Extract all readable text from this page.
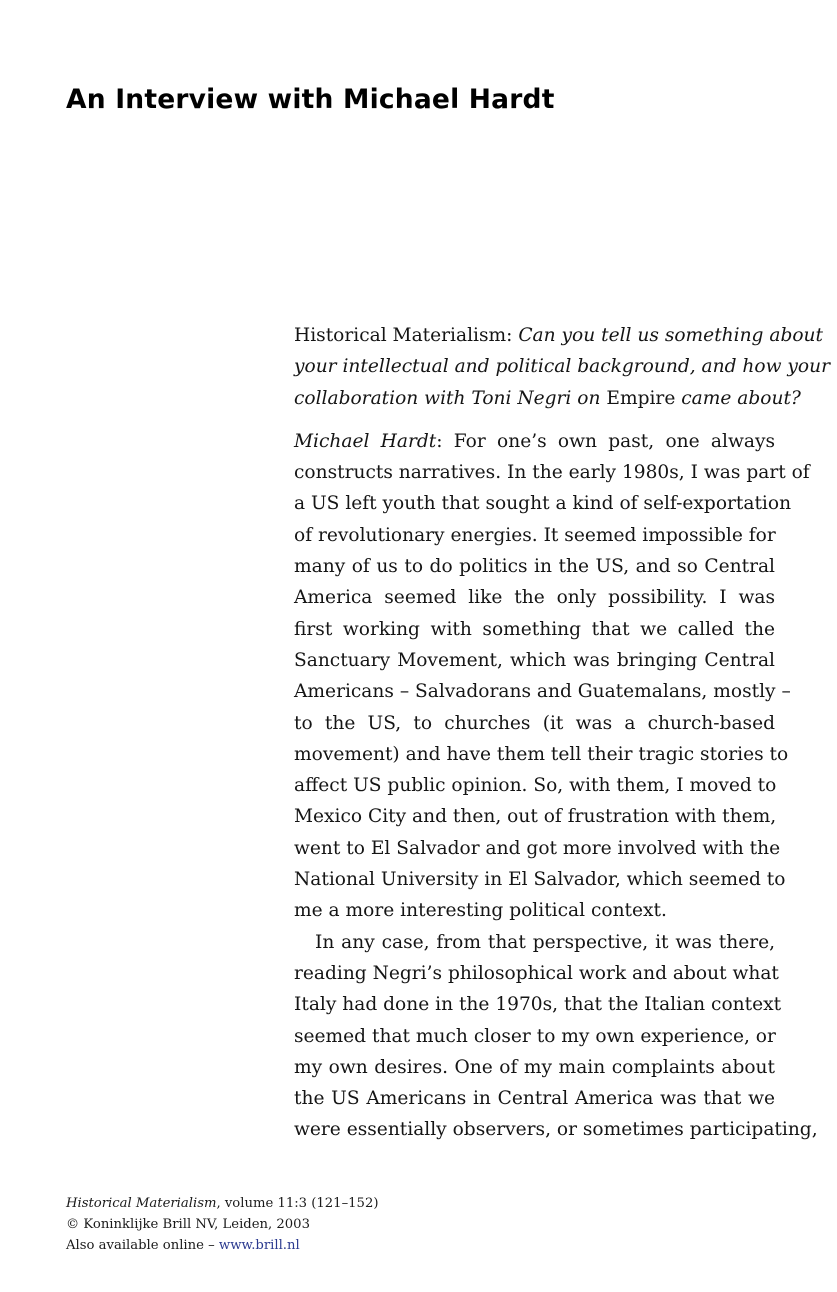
An Interview with Michael Hardt
Historical Materialism: Can you tell us something about
your intellectual and political background, and how your
collaboration with Toni Negri on Empire came about?
Michael Hardt: For one’s own past, one always
constructs narratives. In the early 1980s, I was part of
a US left youth that sought a kind of self-exportation
of revolutionary energies. It seemed impossible for
many of us to do politics in the US, and so Central
America seemed like the only possibility. I was
first working with something that we called the
Sanctuary Movement, which was bringing Central
Americans – Salvadorans and Guatemalans, mostly –
to the US, to churches (it was a church-based
movement) and have them tell their tragic stories to
affect US public opinion. So, with them, I moved to
Mexico City and then, out of frustration with them,
went to El Salvador and got more involved with the
National University in El Salvador, which seemed to
me a more interesting political context.
In any case, from that perspective, it was there,
reading Negri’s philosophical work and about what
Italy had done in the 1970s, that the Italian context
seemed that much closer to my own experience, or
my own desires. One of my main complaints about
the US Americans in Central America was that we
were essentially observers, or sometimes participating,
Historical Materialism, volume 11:3 (121–152)
© Koninklijke Brill NV, Leiden, 2003
Also available online – www.brill.nl
